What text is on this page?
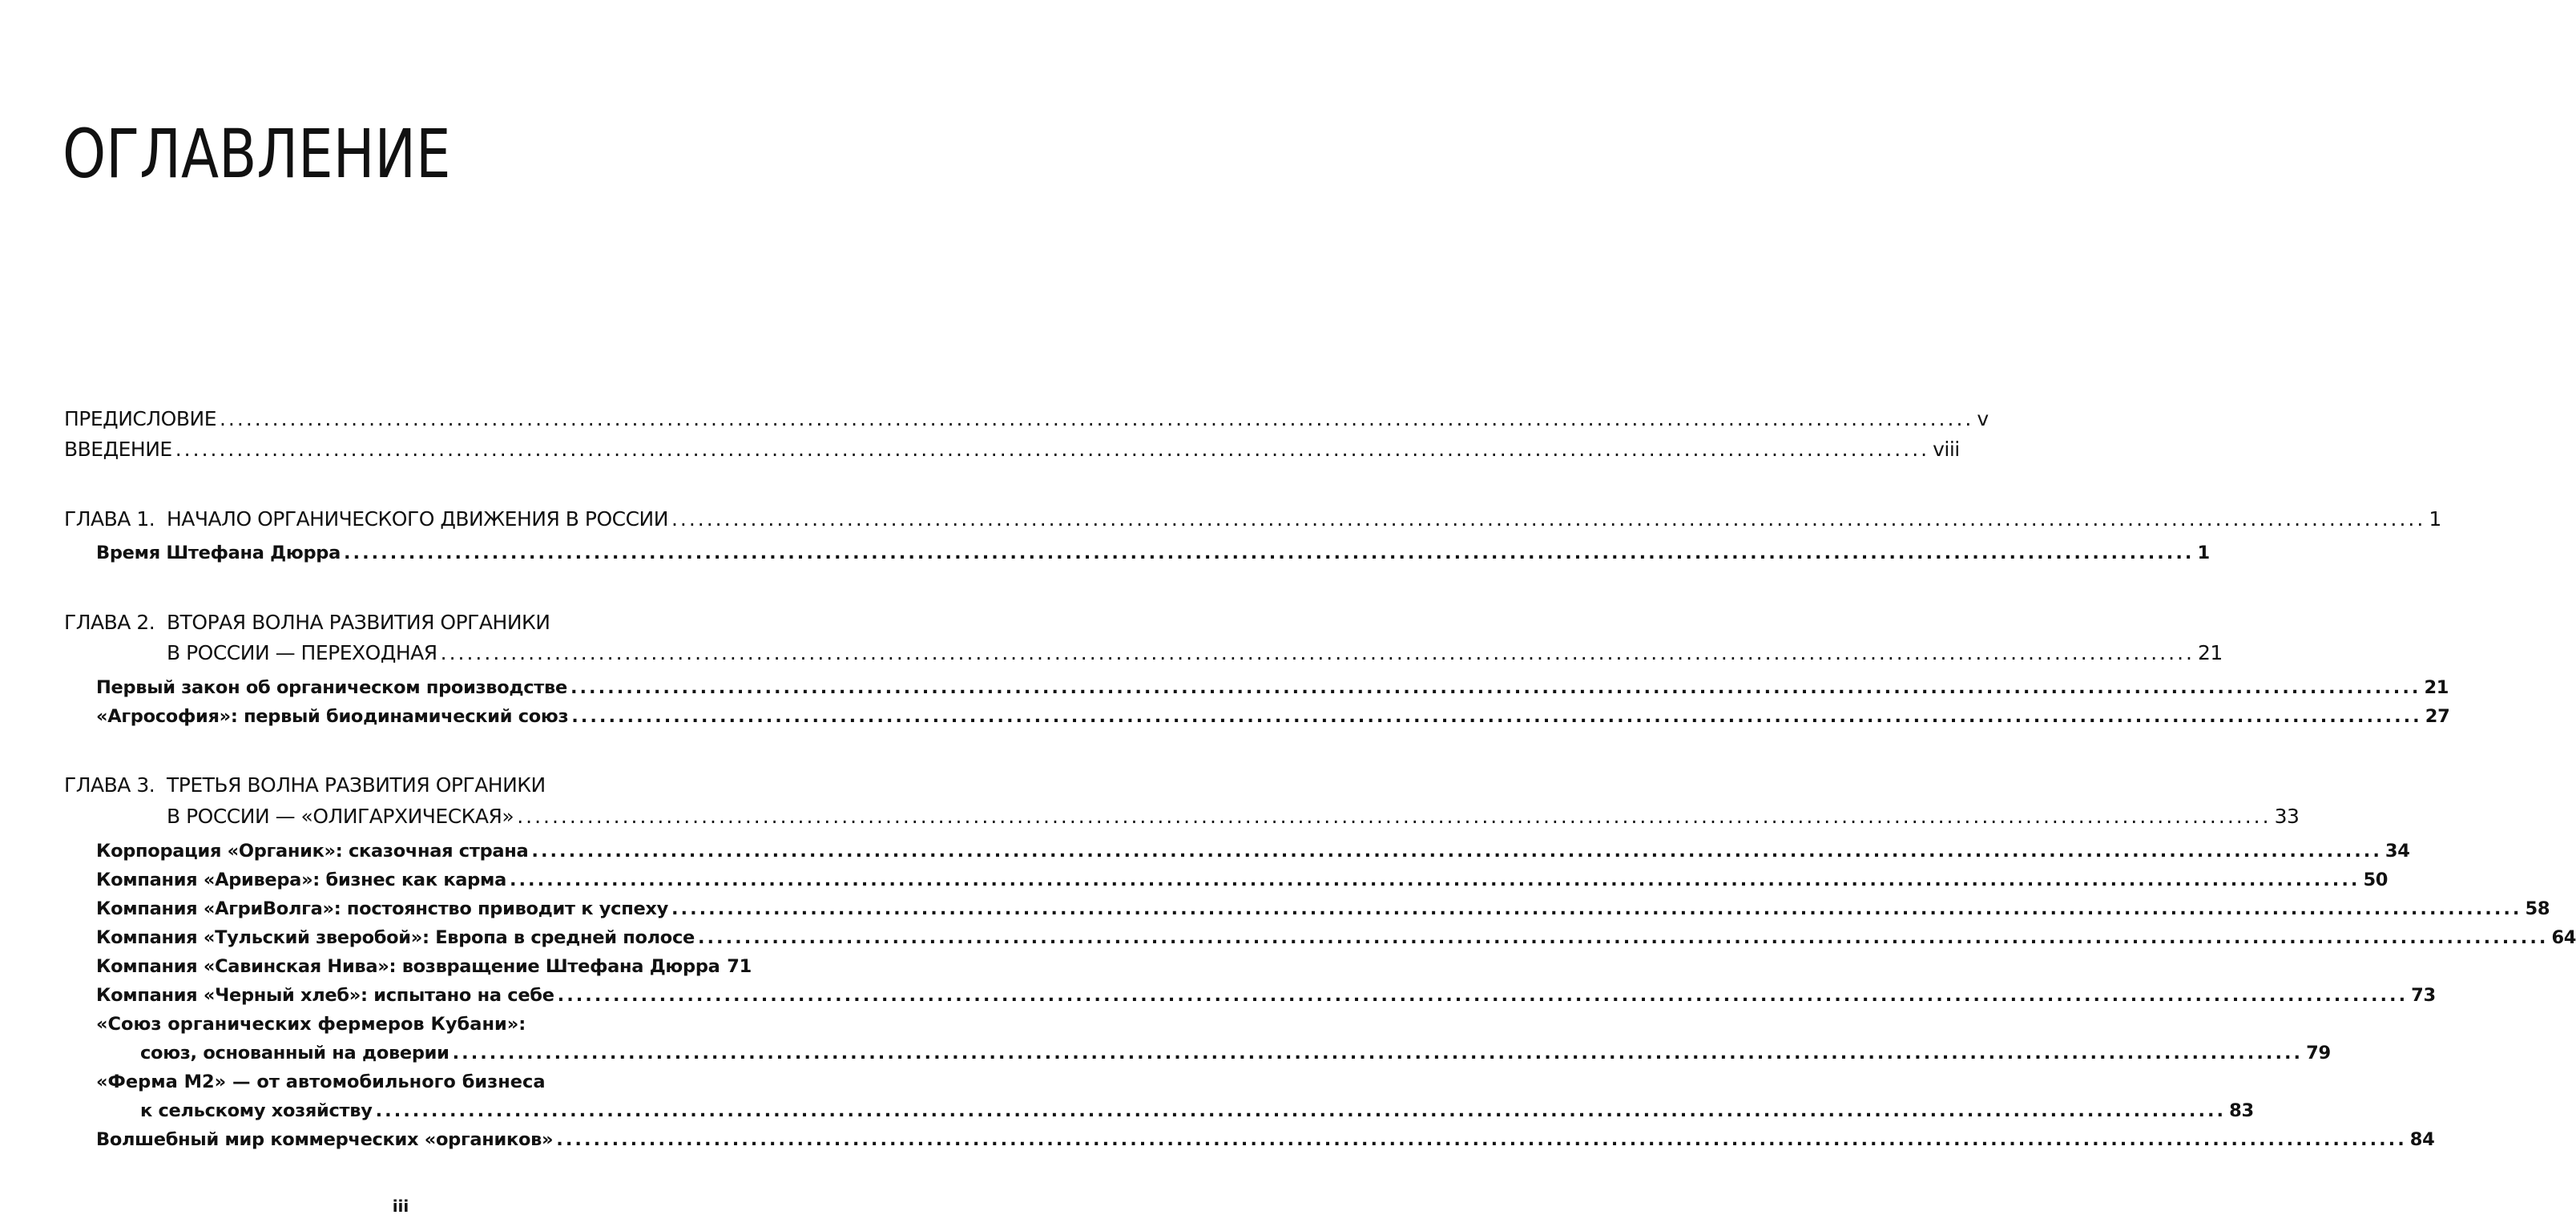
ОГЛАВЛЕНИЕ
ПРЕДИСЛОВИЕ ........................................................................................................................................................................................................ v
ВВЕДЕНИЕ ........................................................................................................................................................................................................ viii
ГЛАВА 1. НАЧАЛО ОРГАНИЧЕСКОГО ДВИЖЕНИЯ В РОССИИ ........................................................................................................................................................................................................ 1
Время Штефана Дюрра ........................................................................................................................................................................................................ 1
ГЛАВА 2. ВТОРАЯ ВОЛНА РАЗВИТИЯ ОРГАНИКИ
В РОССИИ — ПЕРЕХОДНАЯ ........................................................................................................................................................................................................ 21
Первый закон об органическом производстве ........................................................................................................................................................................................................ 21
«Агрософия»: первый биодинамический союз ........................................................................................................................................................................................................ 27
ГЛАВА 3. ТРЕТЬЯ ВОЛНА РАЗВИТИЯ ОРГАНИКИ
В РОССИИ — «ОЛИГАРХИЧЕСКАЯ» ........................................................................................................................................................................................................ 33
Корпорация «Органик»: сказочная страна ........................................................................................................................................................................................................ 34
Компания «Аривера»: бизнес как карма ........................................................................................................................................................................................................ 50
Компания «АгриВолга»: постоянство приводит к успеху ........................................................................................................................................................................................................ 58
Компания «Тульский зверобой»: Европа в средней полосе ........................................................................................................................................................................................................ 64
Компания «Савинская Нива»: возвращение Штефана Дюрра 71
Компания «Черный хлеб»: испытано на себе ........................................................................................................................................................................................................ 73
«Союз органических фермеров Кубани»:
союз, основанный на доверии ........................................................................................................................................................................................................ 79
«Ферма М2» — от автомобильного бизнеса
к сельскому хозяйству ........................................................................................................................................................................................................ 83
Волшебный мир коммерческих «органиков» ........................................................................................................................................................................................................ 84
iii
